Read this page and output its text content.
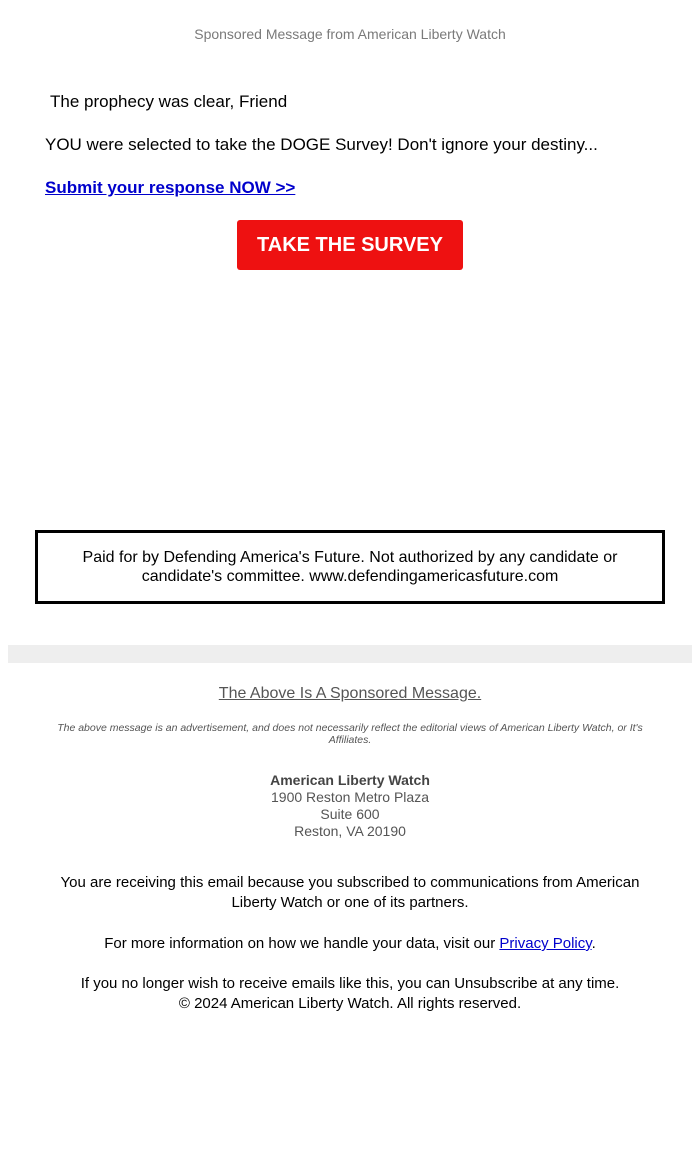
Sponsored Message from American Liberty Watch
The prophecy was clear, Friend
YOU were selected to take the DOGE Survey! Don't ignore your destiny...
Submit your response NOW >>
TAKE THE SURVEY
Paid for by Defending America's Future. Not authorized by any candidate or candidate's committee. www.defendingamericasfuture.com
The Above Is A Sponsored Message.
The above message is an advertisement, and does not necessarily reflect the editorial views of American Liberty Watch, or It's Affiliates.
American Liberty Watch
1900 Reston Metro Plaza
Suite 600
Reston, VA 20190
You are receiving this email because you subscribed to communications from American Liberty Watch or one of its partners.
For more information on how we handle your data, visit our Privacy Policy.
If you no longer wish to receive emails like this, you can Unsubscribe at any time.
© 2024 American Liberty Watch. All rights reserved.
